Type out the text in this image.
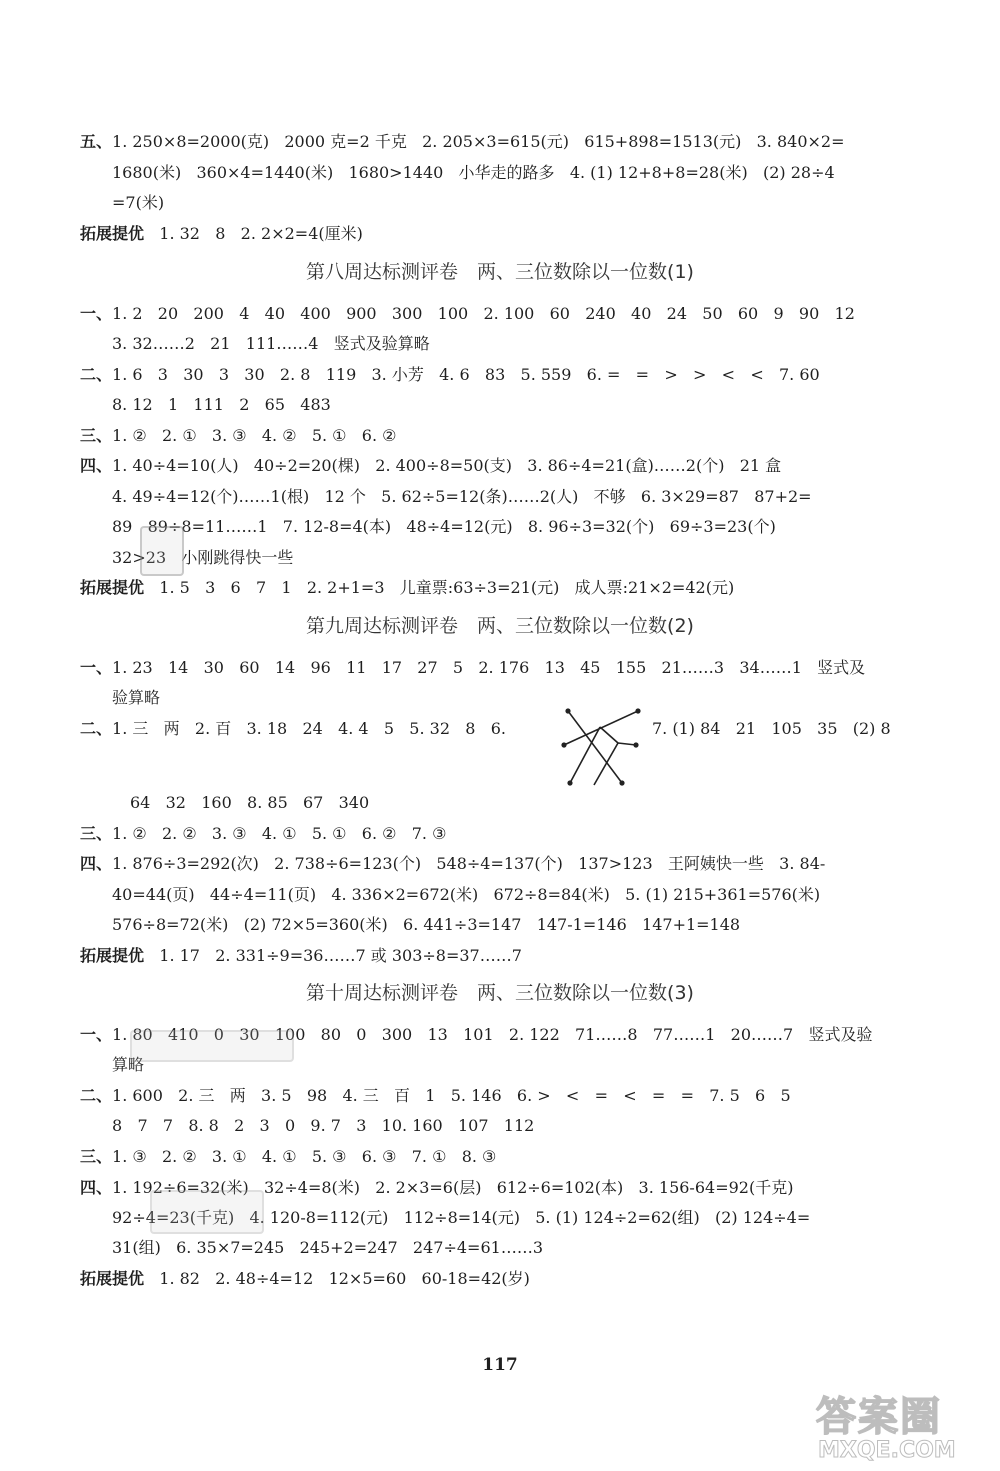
五、1. 250×8=2000(克)   2000 克=2 千克   2. 205×3=615(元)   615+898=1513(元)   3. 840×2=
1680(米)   360×4=1440(米)   1680>1440   小华走的路多   4. (1) 12+8+8=28(米)   (2) 28÷4
=7(米)
拓展提优   1. 32   8   2. 2×2=4(厘米)
第八周达标测评卷　两、三位数除以一位数(1)
一、1. 2   20   200   4   40   400   900   300   100   2. 100   60   240   40   24   50   60   9   90   12
3. 32……2   21   111……4   竖式及验算略
二、1. 6   3   30   3   30   2. 8   119   3. 小芳   4. 6   83   5. 559   6. =   =   >   >   <   <   7. 60
8. 12   1   111   2   65   483
三、1. ②   2. ①   3. ③   4. ②   5. ①   6. ②
四、1. 40÷4=10(人)   40÷2=20(棵)   2. 400÷8=50(支)   3. 86÷4=21(盒)……2(个)   21 盒
4. 49÷4=12(个)……1(根)   12 个   5. 62÷5=12(条)……2(人)   不够   6. 3×29=87   87+2=
89   89÷8=11……1   7. 12-8=4(本)   48÷4=12(元)   8. 96÷3=32(个)   69÷3=23(个)
32>23   小刚跳得快一些
拓展提优   1. 5   3   6   7   1   2. 2+1=3   儿童票:63÷3=21(元)   成人票:21×2=42(元)
第九周达标测评卷　两、三位数除以一位数(2)
一、1. 23   14   30   60   14   96   11   17   27   5   2. 176   13   45   155   21……3   34……1   竖式及
验算略
二、1. 三   两   2. 百   3. 18   24   4. 4   5   5. 32   8   6.	7. (1) 84   21   105   35   (2) 8
64   32   160   8. 85   67   340
三、1. ②   2. ②   3. ③   4. ①   5. ①   6. ②   7. ③
四、1. 876÷3=292(次)   2. 738÷6=123(个)   548÷4=137(个)   137>123   王阿姨快一些   3. 84-
40=44(页)   44÷4=11(页)   4. 336×2=672(米)   672÷8=84(米)   5. (1) 215+361=576(米)
576÷8=72(米)   (2) 72×5=360(米)   6. 441÷3=147   147-1=146   147+1=148
拓展提优   1. 17   2. 331÷9=36……7 或 303÷8=37……7
第十周达标测评卷　两、三位数除以一位数(3)
一、1. 80   410   0   30   100   80   0   300   13   101   2. 122   71……8   77……1   20……7   竖式及验
算略
二、1. 600   2. 三   两   3. 5   98   4. 三   百   1   5. 146   6. >   <   =   <   =   =   7. 5   6   5
8   7   7   8. 8   2   3   0   9. 7   3   10. 160   107   112
三、1. ③   2. ②   3. ①   4. ①   5. ③   6. ③   7. ①   8. ③
四、1. 192÷6=32(米)   32÷4=8(米)   2. 2×3=6(层)   612÷6=102(本)   3. 156-64=92(千克)
92÷4=23(千克)   4. 120-8=112(元)   112÷8=14(元)   5. (1) 124÷2=62(组)   (2) 124÷4=
31(组)   6. 35×7=245   245+2=247   247÷4=61……3
拓展提优   1. 82   2. 48÷4=12   12×5=60   60-18=42(岁)
117
答案圈
MXQE.COM
